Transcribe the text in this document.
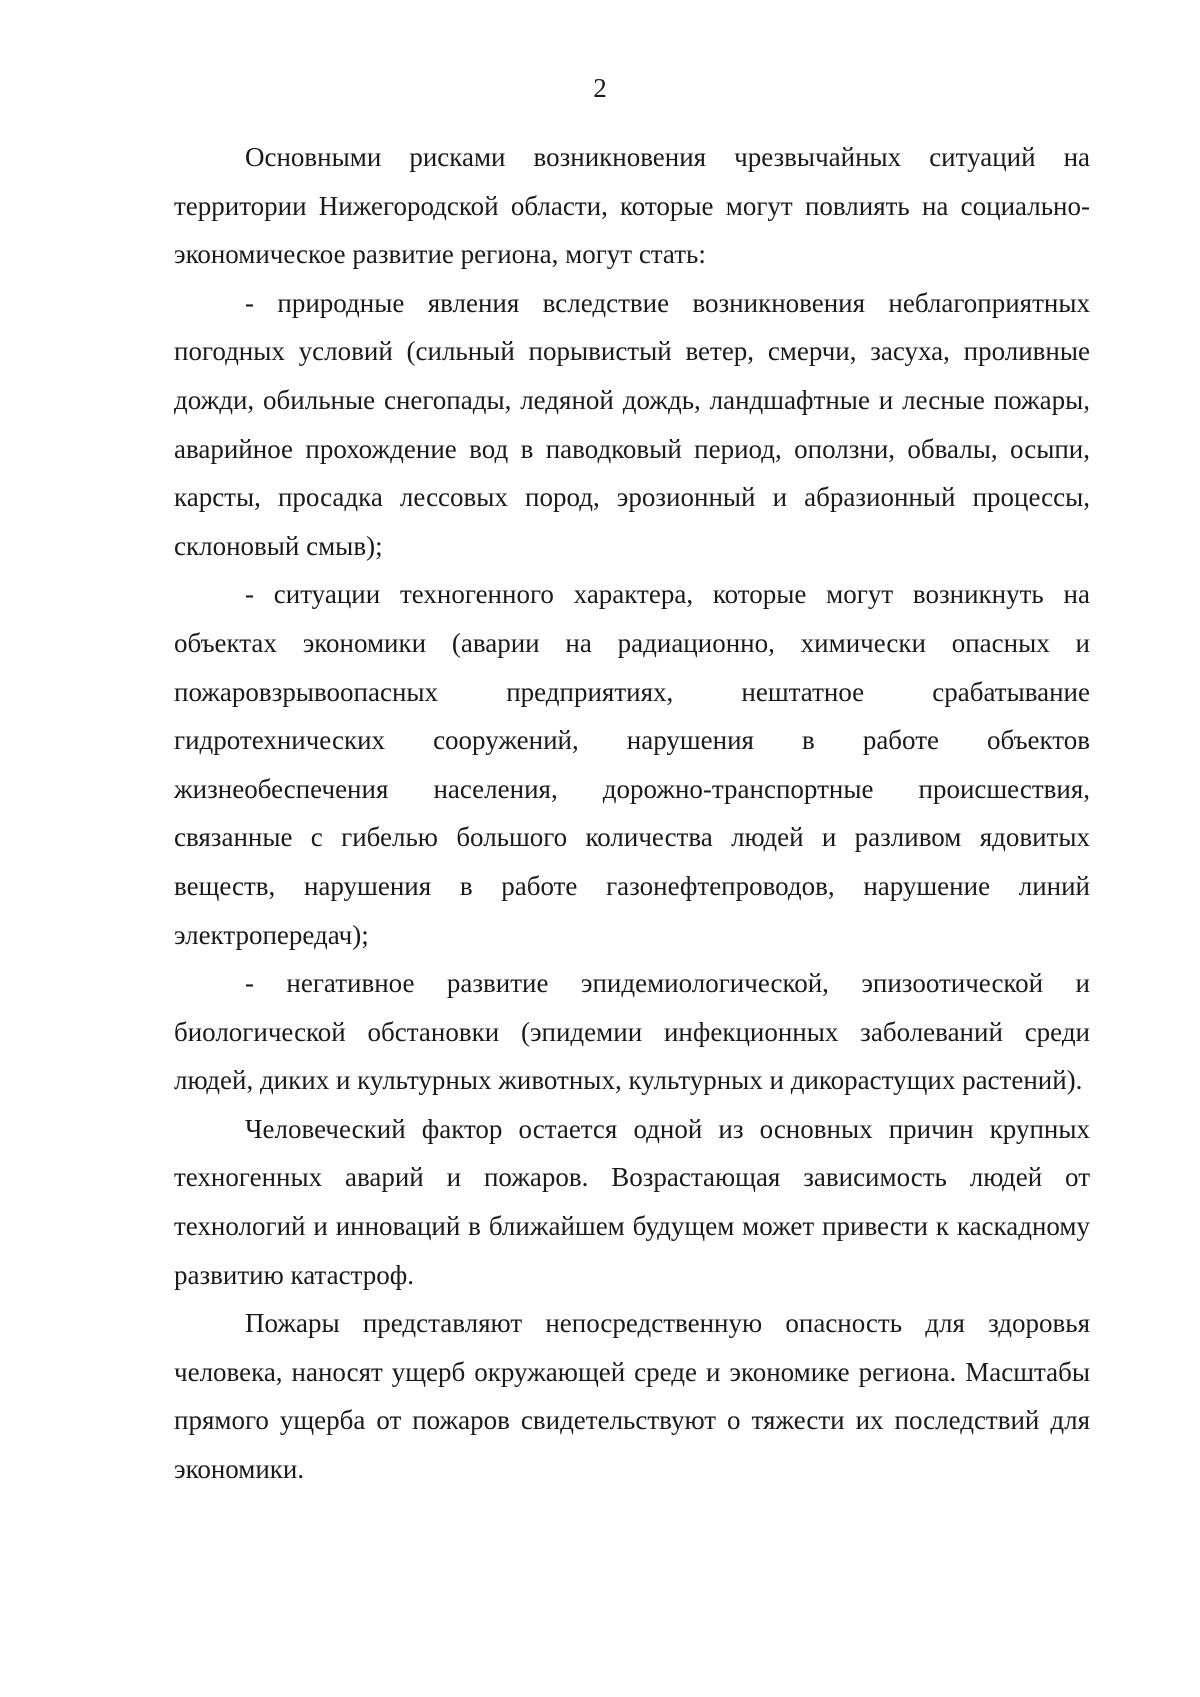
2

Основными рисками возникновения чрезвычайных ситуаций на территории Нижегородской области, которые могут повлиять на социально-экономическое развитие региона, могут стать:

- природные явления вследствие возникновения неблагоприятных погодных условий (сильный порывистый ветер, смерчи, засуха, проливные дожди, обильные снегопады, ледяной дождь, ландшафтные и лесные пожары, аварийное прохождение вод в паводковый период, оползни, обвалы, осыпи, карсты, просадка лессовых пород, эрозионный и абразионный процессы, склоновый смыв);

- ситуации техногенного характера, которые могут возникнуть на объектах экономики (аварии на радиационно, химически опасных и пожаровзрывоопасных предприятиях, нештатное срабатывание гидротехнических сооружений, нарушения в работе объектов жизнеобеспечения населения, дорожно-транспортные происшествия, связанные с гибелью большого количества людей и разливом ядовитых веществ, нарушения в работе газонефтепроводов, нарушение линий электропередач);

- негативное развитие эпидемиологической, эпизоотической и биологической обстановки (эпидемии инфекционных заболеваний среди людей, диких и культурных животных, культурных и дикорастущих растений).

Человеческий фактор остается одной из основных причин крупных техногенных аварий и пожаров. Возрастающая зависимость людей от технологий и инноваций в ближайшем будущем может привести к каскадному развитию катастроф.

Пожары представляют непосредственную опасность для здоровья человека, наносят ущерб окружающей среде и экономике региона. Масштабы прямого ущерба от пожаров свидетельствуют о тяжести их последствий для экономики.
